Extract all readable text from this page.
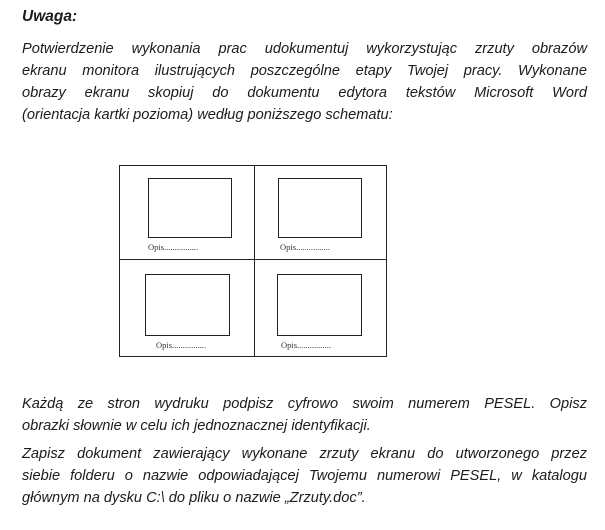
Uwaga:

Potwierdzenie wykonania prac udokumentuj wykorzystując zrzuty obrazów
ekranu monitora ilustrujących poszczególne etapy Twojej pracy. Wykonane
obrazy ekranu skopiuj do dokumentu edytora tekstów Microsoft Word
(orientacja kartki pozioma) według poniższego schematu:
Opis................	Opis................
Opis................	Opis................
Każdą ze stron wydruku podpisz cyfrowo swoim numerem PESEL. Opisz
obrazki słownie w celu ich jednoznacznej identyfikacji.
Zapisz dokument zawierający wykonane zrzuty ekranu do utworzonego przez
siebie folderu o nazwie odpowiadającej Twojemu numerowi PESEL, w katalogu
głównym na dysku C:\ do pliku o nazwie „Zrzuty.doc”.
